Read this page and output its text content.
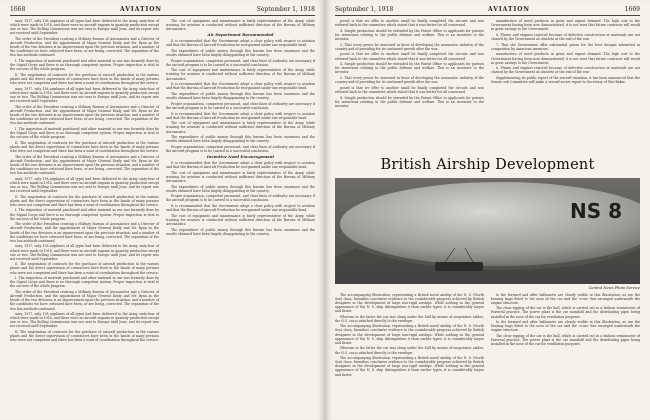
1668	AVIATION	September 1, 1918

uary, 1917, only 138 airplanes of all types had been delivered to the Army, sixty-four of which were made in 1916, and there were no aircraft engines in quantity production except one or two. The Bolling Commission was not sent to Europe until June, and its report was not received until September.

The order of the President creating a Military Bureau of Aeronautics and a Director of Aircraft Production, and the appointment of Major General Kenly and Mr. Ryan as the heads of the two divisions is an improvement upon the previous situation, and a number of the conditions we have criticized have been, or are being, corrected. The separation of the two has methods continued.

I. The inspection of material purchased and other material in use was formerly done by the Signal Corps and there is no thorough competent system. Proper inspection is vital to the success of the whole program.

II. The negotiation of contracts for the purchase of aircraft production in the various plants and the direct supervision of contractors have been in the hands of many persons who were not competent and there has been a want of coordination throughout the service.

uary, 1917, only 138 airplanes of all types had been delivered to the Army, sixty-four of which were made in 1916, and there were no aircraft engines in quantity production except one or two. The Bolling Commission was not sent to Europe until June, and its report was not received until September.

The order of the President creating a Military Bureau of Aeronautics and a Director of Aircraft Production, and the appointment of Major General Kenly and Mr. Ryan as the heads of the two divisions is an improvement upon the previous situation, and a number of the conditions we have criticized have been, or are being, corrected. The separation of the two has methods continued.

I. The inspection of material purchased and other material in use was formerly done by the Signal Corps and there is no thorough competent system. Proper inspection is vital to the success of the whole program.

II. The negotiation of contracts for the purchase of aircraft production in the various plants and the direct supervision of contractors have been in the hands of many persons who were not competent and there has been a want of coordination throughout the service.

The order of the President creating a Military Bureau of Aeronautics and a Director of Aircraft Production, and the appointment of Major General Kenly and Mr. Ryan as the heads of the two divisions is an improvement upon the previous situation, and a number of the conditions we have criticized have been, or are being, corrected. The separation of the two has methods continued.

uary, 1917, only 138 airplanes of all types had been delivered to the Army, sixty-four of which were made in 1916, and there were no aircraft engines in quantity production except one or two. The Bolling Commission was not sent to Europe until June, and its report was not received until September.

II. The negotiation of contracts for the purchase of aircraft production in the various plants and the direct supervision of contractors have been in the hands of many persons who were not competent and there has been a want of coordination throughout the service.

I. The inspection of material purchased and other material in use was formerly done by the Signal Corps and there is no thorough competent system. Proper inspection is vital to the success of the whole program.

The order of the President creating a Military Bureau of Aeronautics and a Director of Aircraft Production, and the appointment of Major General Kenly and Mr. Ryan as the heads of the two divisions is an improvement upon the previous situation, and a number of the conditions we have criticized have been, or are being, corrected. The separation of the two has methods continued.

uary, 1917, only 138 airplanes of all types had been delivered to the Army, sixty-four of which were made in 1916, and there were no aircraft engines in quantity production except one or two. The Bolling Commission was not sent to Europe until June, and its report was not received until September.

II. The negotiation of contracts for the purchase of aircraft production in the various plants and the direct supervision of contractors have been in the hands of many persons who were not competent and there has been a want of coordination throughout the service.

I. The inspection of material purchased and other material in use was formerly done by the Signal Corps and there is no thorough competent system. Proper inspection is vital to the success of the whole program.

The order of the President creating a Military Bureau of Aeronautics and a Director of Aircraft Production, and the appointment of Major General Kenly and Mr. Ryan as the heads of the two divisions is an improvement upon the previous situation, and a number of the conditions we have criticized have been, or are being, corrected. The separation of the two has methods continued.

uary, 1917, only 138 airplanes of all types had been delivered to the Army, sixty-four of which were made in 1916, and there were no aircraft engines in quantity production except one or two. The Bolling Commission was not sent to Europe until June, and its report was not received until September.

II. The negotiation of contracts for the purchase of aircraft production in the various plants and the direct supervision of contractors have been in the hands of many persons who were not competent and there has been a want of coordination throughout the service.

The cost of equipment and maintenance is fairly representative of the Army, while training for aviators is conducted without sufficient direction of the Bureau of Military Aeronautics.

Air Department Recommended

It is recommended that the Government adopt a clear policy with respect to aviation and that the Bureau of Aircraft Production be reorganized under one responsible head.

The expenditure of public money through this bureau has been enormous and the results obtained have been largely disappointing to the country.

Proper organization, competent personnel, and clear lines of authority are necessary if the aircraft program is to be carried to a successful conclusion.

The cost of equipment and maintenance is fairly representative of the Army, while training for aviators is conducted without sufficient direction of the Bureau of Military Aeronautics.

It is recommended that the Government adopt a clear policy with respect to aviation and that the Bureau of Aircraft Production be reorganized under one responsible head.

The expenditure of public money through this bureau has been enormous and the results obtained have been largely disappointing to the country.

Proper organization, competent personnel, and clear lines of authority are necessary if the aircraft program is to be carried to a successful conclusion.

It is recommended that the Government adopt a clear policy with respect to aviation and that the Bureau of Aircraft Production be reorganized under one responsible head.

The cost of equipment and maintenance is fairly representative of the Army, while training for aviators is conducted without sufficient direction of the Bureau of Military Aeronautics.

The expenditure of public money through this bureau has been enormous and the results obtained have been largely disappointing to the country.

Proper organization, competent personnel, and clear lines of authority are necessary if the aircraft program is to be carried to a successful conclusion.

Incentive Need Encouragement

It is recommended that the Government adopt a clear policy with respect to aviation and that the Bureau of Aircraft Production be reorganized under one responsible head.

The cost of equipment and maintenance is fairly representative of the Army, while training for aviators is conducted without sufficient direction of the Bureau of Military Aeronautics.

The expenditure of public money through this bureau has been enormous and the results obtained have been largely disappointing to the country.

Proper organization, competent personnel, and clear lines of authority are necessary if the aircraft program is to be carried to a successful conclusion.

It is recommended that the Government adopt a clear policy with respect to aviation and that the Bureau of Aircraft Production be reorganized under one responsible head.

The cost of equipment and maintenance is fairly representative of the Army, while training for aviators is conducted without sufficient direction of the Bureau of Military Aeronautics.

The expenditure of public money through this bureau has been enormous and the results obtained have been largely disappointing to the country.

September 1, 1918	AVIATION	1669

posed is that we offer to another small be finally completed the circuits and was referred back to the committee which stated that it was better for all concerned.

4. Simple production should be extended by the Patent Office to applicants for patents for inventions relating to the public defense and welfare. This is an incentive to the inventor.

5. That every power be exercised in favor of developing the aeronautic industry of the country and of providing for its continued growth after the war.

posed is that we offer to another small be finally completed the circuits and was referred back to the committee which stated that it was better for all concerned.

4. Simple production should be extended by the Patent Office to applicants for patents for inventions relating to the public defense and welfare. This is an incentive to the inventor.

5. That every power be exercised in favor of developing the aeronautic industry of the country and of providing for its continued growth after the war.

posed is that we offer to another small be finally completed the circuits and was referred back to the committee which stated that it was better for all concerned.

4. Simple production should be extended by the Patent Office to applicants for patents for inventions relating to the public defense and welfare. This is an incentive to the inventor.

manufacture of novel products in great and urgent demand. The high cost to the Government having been now demonstrated, it is not seen that future contracts will result in great savings to the Government.

6. Planes and engines rejected because of defective construction or materials are not classed by the Government as obsolete at the end of the war.

7. That the Government offer substantial prizes for the best designs submitted in competition by American inventors.

manufacture of novel products in great and urgent demand. The high cost to the Government having been now demonstrated, it is not seen that future contracts will result in great savings to the Government.

6. Planes and engines rejected because of defective construction or materials are not classed by the Government as obsolete at the end of the war.

Supplementing its public report of the aircraft situation, it has been announced that the Senate sub-Committee will make a second secret report to Secretary of War Baker.

British Airship Development
NS 8
Central News Photo Service

The accompanying illustration, representing a British naval airship of the N. S. (North Sea) class, furnishes conclusive evidence to the considerable progress achieved by British designers in the development of large non-rigid airships. While nothing in the general appearance of the N. S. ship distinguishes it from earlier types, it is considerably larger and faster.

Whereas in the latter the car was slung under the hull by means of suspension cables, the N.S. car is attached directly to the envelope.

The accompanying illustration, representing a British naval airship of the N. S. (North Sea) class, furnishes conclusive evidence to the considerable progress achieved by British designers in the development of large non-rigid airships. While nothing in the general appearance of the N. S. ship distinguishes it from earlier types, it is considerably larger and faster.

Whereas in the latter the car was slung under the hull by means of suspension cables, the N.S. car is attached directly to the envelope.

The accompanying illustration, representing a British naval airship of the N. S. (North Sea) class, furnishes conclusive evidence to the considerable progress achieved by British designers in the development of large non-rigid airships. While nothing in the general appearance of the N. S. ship distinguishes it from earlier types, it is considerably larger and faster.

to the forward and after balloonets are clearly visible in this illustration, as are the bearing bags fitted to the nose of the car and the 'cross' fins arranged underneath the engine structure.

The clear rigging of the car is the hull, which is carried out in a fashion reminiscent of Parseval practice. The power plant is the car manifold and the distributing pipes being installed in the nose of the car for ventilation purposes.

to the forward and after balloonets are clearly visible in this illustration, as are the bearing bags fitted to the nose of the car and the 'cross' fins arranged underneath the engine structure.

The clear rigging of the car is the hull, which is carried out in a fashion reminiscent of Parseval practice. The power plant is the car manifold and the distributing pipes being installed in the nose of the car for ventilation purposes.
